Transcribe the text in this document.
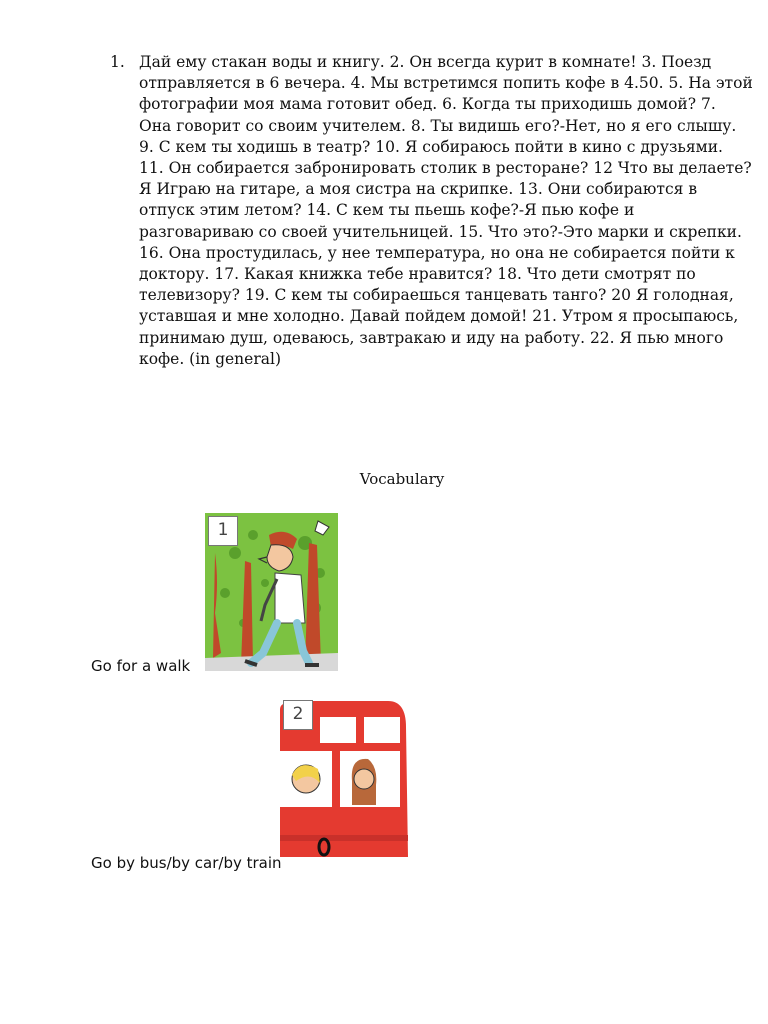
1. Дай ему стакан воды и книгу. 2. Он всегда курит в комнате! 3. Поезд
отправляется в 6 вечера. 4. Мы встретимся попить кофе в 4.50. 5. На этой
фотографии моя мама готовит обед. 6. Когда ты приходишь домой? 7.
Она говорит со своим учителем. 8. Ты видишь его?-Нет, но я его слышу.
9. С кем ты ходишь в театр? 10. Я собираюсь пойти в кино с друзьями.
11. Он собирается забронировать столик в ресторане? 12 Что вы делаете?
Я Играю на гитаре, а моя систра на скрипке. 13. Они собираются в
отпуск этим летом? 14. С кем ты пьешь кофе?-Я пью кофе и
разговариваю со своей учительницей. 15. Что это?-Это марки и скрепки.
16. Она простудилась, у нее температура, но она не собирается пойти к
доктору. 17. Какая книжка тебе нравится? 18. Что дети смотрят по
телевизору? 19. С кем ты собираешься танцевать танго? 20 Я голодная,
уставшая и мне холодно. Давай пойдем домой! 21. Утром я просыпаюсь,
принимаю душ, одеваюсь, завтракаю и иду на работу. 22. Я пью много
кофе. (in general)
Vocabulary
1
Go for a walk
2
Go by bus/by car/by train
